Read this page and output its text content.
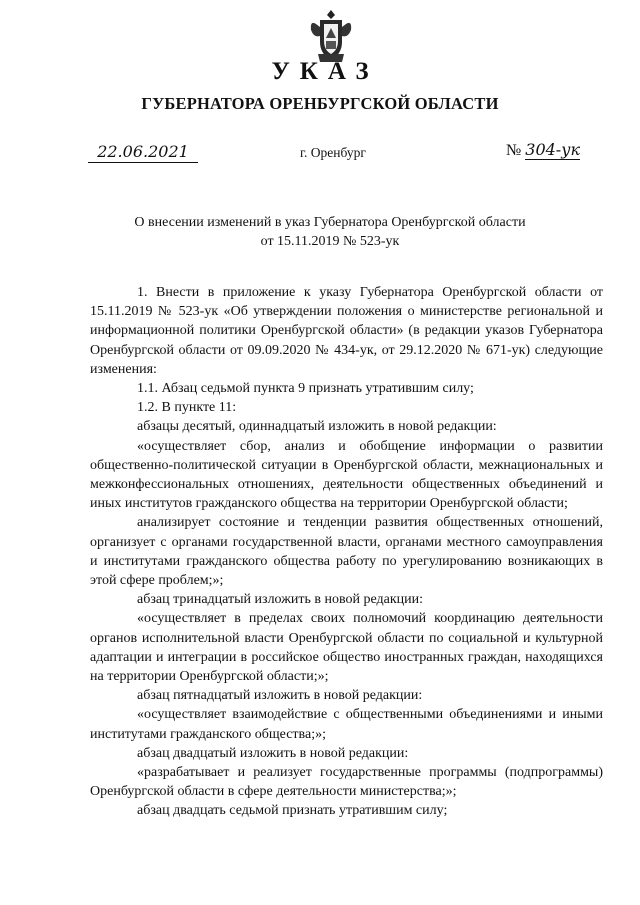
УКАЗ
ГУБЕРНАТОРА ОРЕНБУРГСКОЙ ОБЛАСТИ
22.06.2021	г. Оренбург	№ 304-ук
О внесении изменений в указ Губернатора Оренбургской области
от 15.11.2019 № 523-ук

1. Внести в приложение к указу Губернатора Оренбургской области от 15.11.2019 № 523-ук «Об утверждении положения о министерстве региональной и информационной политики Оренбургской области» (в редакции указов Губернатора Оренбургской области от 09.09.2020 № 434-ук, от 29.12.2020 № 671-ук) следующие изменения:

1.1. Абзац седьмой пункта 9 признать утратившим силу;

1.2. В пункте 11:

абзацы десятый, одиннадцатый изложить в новой редакции:

«осуществляет сбор, анализ и обобщение информации о развитии общественно-политической ситуации в Оренбургской области, межнациональных и межконфессиональных отношениях, деятельности общественных объединений и иных институтов гражданского общества на территории Оренбургской области;

анализирует состояние и тенденции развития общественных отношений, организует с органами государственной власти, органами местного самоуправления и институтами гражданского общества работу по урегулированию возникающих в этой сфере проблем;»;

абзац тринадцатый изложить в новой редакции:

«осуществляет в пределах своих полномочий координацию деятельности органов исполнительной власти Оренбургской области по социальной и культурной адаптации и интеграции в российское общество иностранных граждан, находящихся на территории Оренбургской области;»;

абзац пятнадцатый изложить в новой редакции:

«осуществляет взаимодействие с общественными объединениями и иными институтами гражданского общества;»;

абзац двадцатый изложить в новой редакции:

«разрабатывает и реализует государственные программы (подпрограммы) Оренбургской области в сфере деятельности министерства;»;

абзац двадцать седьмой признать утратившим силу;
